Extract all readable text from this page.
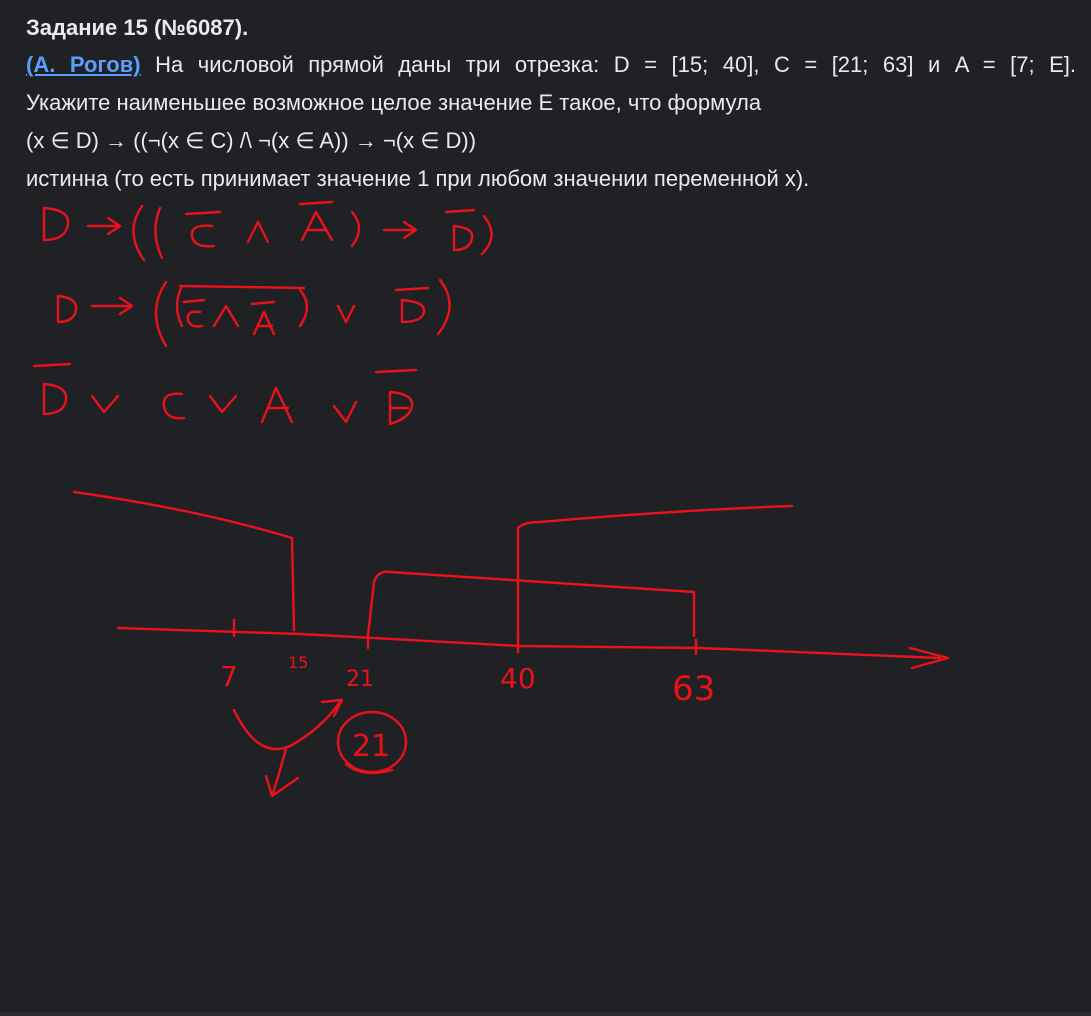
Задание 15 (№6087).
(А. Рогов) На числовой прямой даны три отрезка: D = [15; 40], C = [21; 63] и A = [7; E].
Укажите наименьшее возможное целое значение E такое, что формула
(x ∈ D) → ((¬(x ∈ C) /\ ¬(x ∈ A)) → ¬(x ∈ D))
истинна (то есть принимает значение 1 при любом значении переменной x).
7	15
21	40	63
21
